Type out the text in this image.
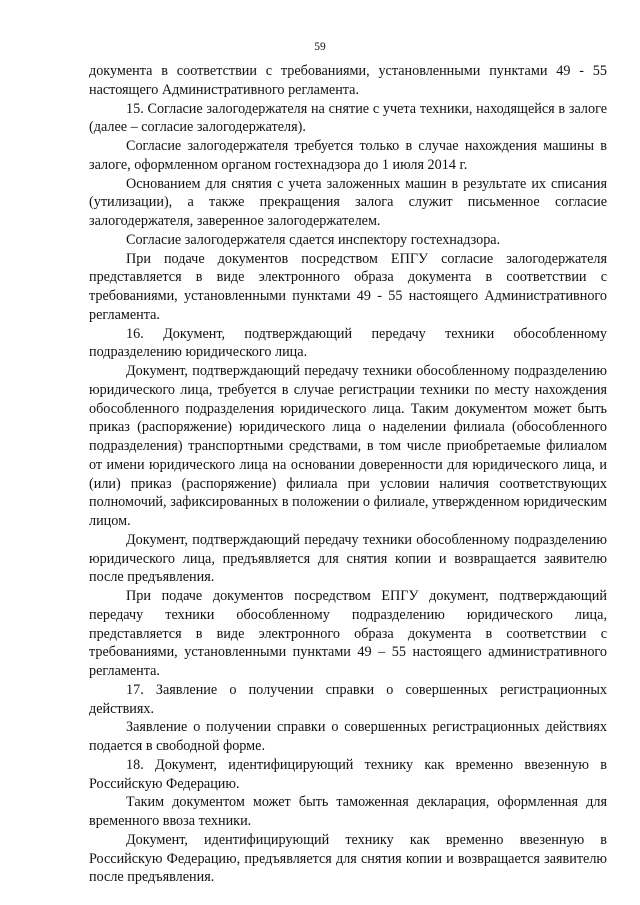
59

документа в соответствии с требованиями, установленными пунктами 49 - 55 настоящего Административного регламента.

15. Согласие залогодержателя на снятие с учета техники, находящейся в залоге (далее – согласие залогодержателя).

Согласие залогодержателя требуется только в случае нахождения машины в залоге, оформленном органом гостехнадзора до 1 июля 2014 г.

Основанием для снятия с учета заложенных машин в результате их списания (утилизации), а также прекращения залога служит письменное согласие залогодержателя, заверенное залогодержателем.

Согласие залогодержателя сдается инспектору гостехнадзора.

При подаче документов посредством ЕПГУ согласие залогодержателя представляется в виде электронного образа документа в соответствии с требованиями, установленными пунктами 49 - 55 настоящего Административного регламента.

16. Документ, подтверждающий передачу техники обособленному подразделению юридического лица.

Документ, подтверждающий передачу техники обособленному подразделению юридического лица, требуется в случае регистрации техники по месту нахождения обособленного подразделения юридического лица. Таким документом может быть приказ (распоряжение) юридического лица о наделении филиала (обособленного подразделения) транспортными средствами, в том числе приобретаемые филиалом от имени юридического лица на основании доверенности для юридического лица, и (или) приказ (распоряжение) филиала при условии наличия соответствующих полномочий, зафиксированных в положении о филиале, утвержденном юридическим лицом.

Документ, подтверждающий передачу техники обособленному подразделению юридического лица, предъявляется для снятия копии и возвращается заявителю после предъявления.

При подаче документов посредством ЕПГУ документ, подтверждающий передачу техники обособленному подразделению юридического лица, представляется в виде электронного образа документа в соответствии с требованиями, установленными пунктами 49 – 55 настоящего административного регламента.

17. Заявление о получении справки о совершенных регистрационных действиях.

Заявление о получении справки о совершенных регистрационных действиях подается в свободной форме.

18. Документ, идентифицирующий технику как временно ввезенную в Российскую Федерацию.

Таким документом может быть таможенная декларация, оформленная для временного ввоза техники.

Документ, идентифицирующий технику как временно ввезенную в Российскую Федерацию, предъявляется для снятия копии и возвращается заявителю после предъявления.
